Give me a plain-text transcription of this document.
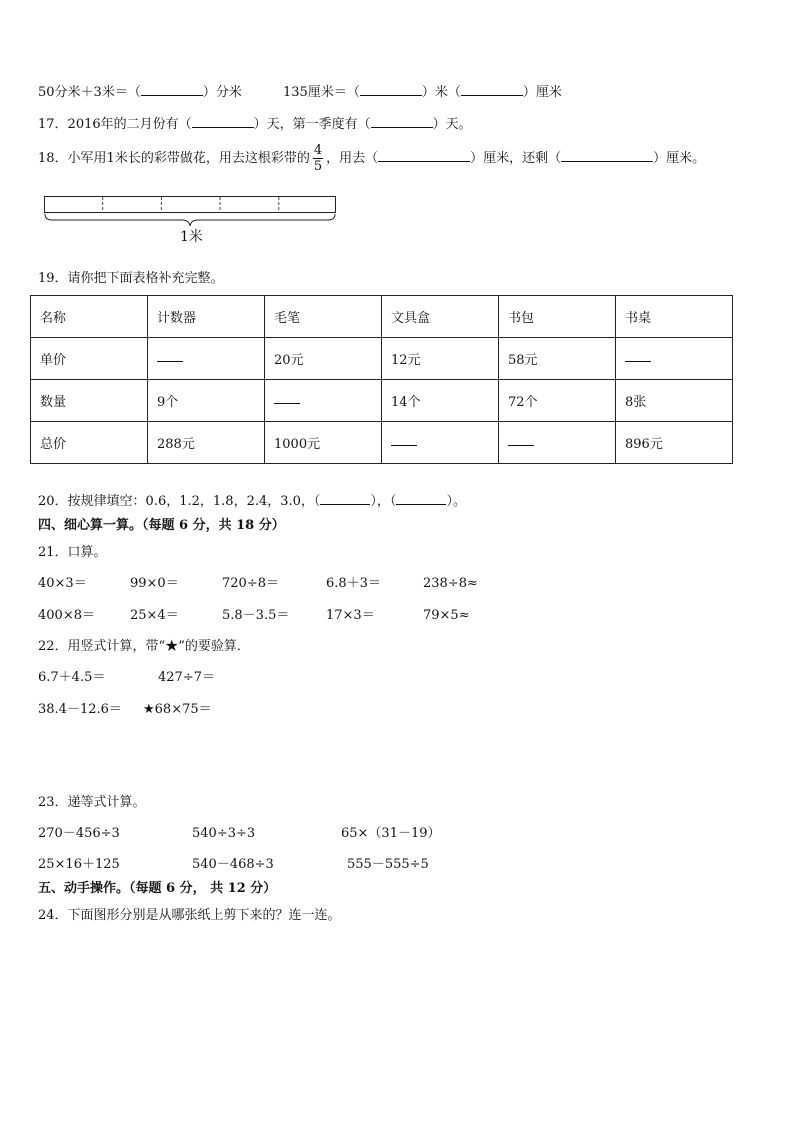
50分米＋3米＝（	）分米	135厘米＝（	）米（	）厘米
17．2016年的二月份有（	）天，第一季度有（	）天。
18．小军用1米长的彩带做花，用去这根彩带的 $\frac{4}{5}$ ，用去（	）厘米，还剩（	）厘米。
1米
19．请你把下面表格补充完整。
名称	计数器	毛笔	文具盒	书包	书桌
单价		20元	12元	58元	
数量	9个		14个	72个	8张
总价	288元	1000元			896元
20．按规律填空：0.6，1.2，1.8，2.4，3.0，（	），（	）。
四、细心算一算。（每题 6 分，共 18 分）
21．口算。
40×3＝	99×0＝	720÷8＝	6.8＋3＝	238÷8≈
400×8＝	25×4＝	5.8－3.5＝	17×3＝	79×5≈
22．用竖式计算，带“★”的要验算．
6.7＋4.5＝	427÷7＝
38.4－12.6＝ ★68×75＝
23．递等式计算。
270－456÷3	540÷3÷3	65×（31－19）
25×16＋125	540－468÷3	555－555÷5
五、动手操作。（每题 6 分， 共 12 分）
24．下面图形分别是从哪张纸上剪下来的？连一连。
